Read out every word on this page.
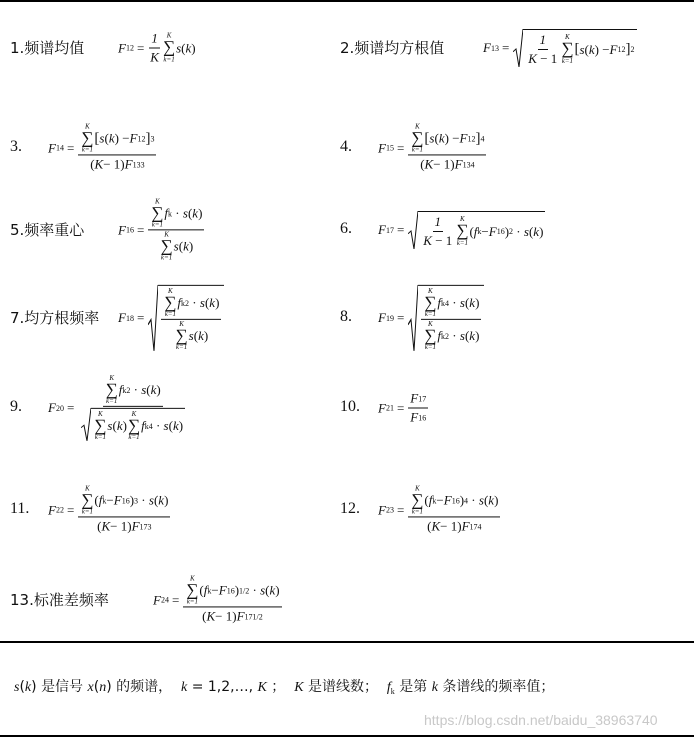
1.频谱均值	F $12 = \frac{1}{K}$ K
∑
k=1
s ( k )	2.频谱均方根值	F $13 = \frac{1}{K - 1}$ K
∑
k=1
[ s ( k ) − F 12 ] 2
3. F 14 = K
∑
k=1
[ s ( k ) − F 12 ] 3
( K − 1) F 13 3	4. F 15 = K
∑
k=1
[ s ( k ) − F 12 ] 4
( K − 1) F 13 4
5.频率重心	F 16 = K
∑
k=1
f k · s ( k )
K
∑
k=1
s ( k )	6. F $17 = \frac{1}{K - 1}$ K
∑
k=1
( f k − F 16 ) 2 · s ( k )
7.均方根频率 F 18 = K
∑
k=1
f k 2 · s ( k )
K
∑
k=1
s ( k )	8. F 19 = K
∑
k=1
f k 4 · s ( k )
K
∑
k=1
f k 2 · s ( k )
9. F 20 = K
∑
k=1
f k 2 · s ( k )
K
∑
k=1
s ( k )
K
∑
k=1
f k 4 · s ( k )	10. F $21 = \frac{F 17}{F 16}$
11. F 22 = K
∑
k=1
( f k − F 16 ) 3 · s ( k )
( K − 1) F 17 3	12. F 23 = K
∑
k=1
( f k − F 16 ) 4 · s ( k )
( K − 1) F 17 4
13.标准差频率	F 24 = K
∑
k=1
( f k − F 16 ) 1/2 · s ( k )
( K − 1) F 17 1/2
s(k) 是信号 x(n) 的频谱， k = 1,2,…, K ； K 是谱线数； $f_k$ 是第 k 条谱线的频率值；
https://blog.csdn.net/baidu_38963740
